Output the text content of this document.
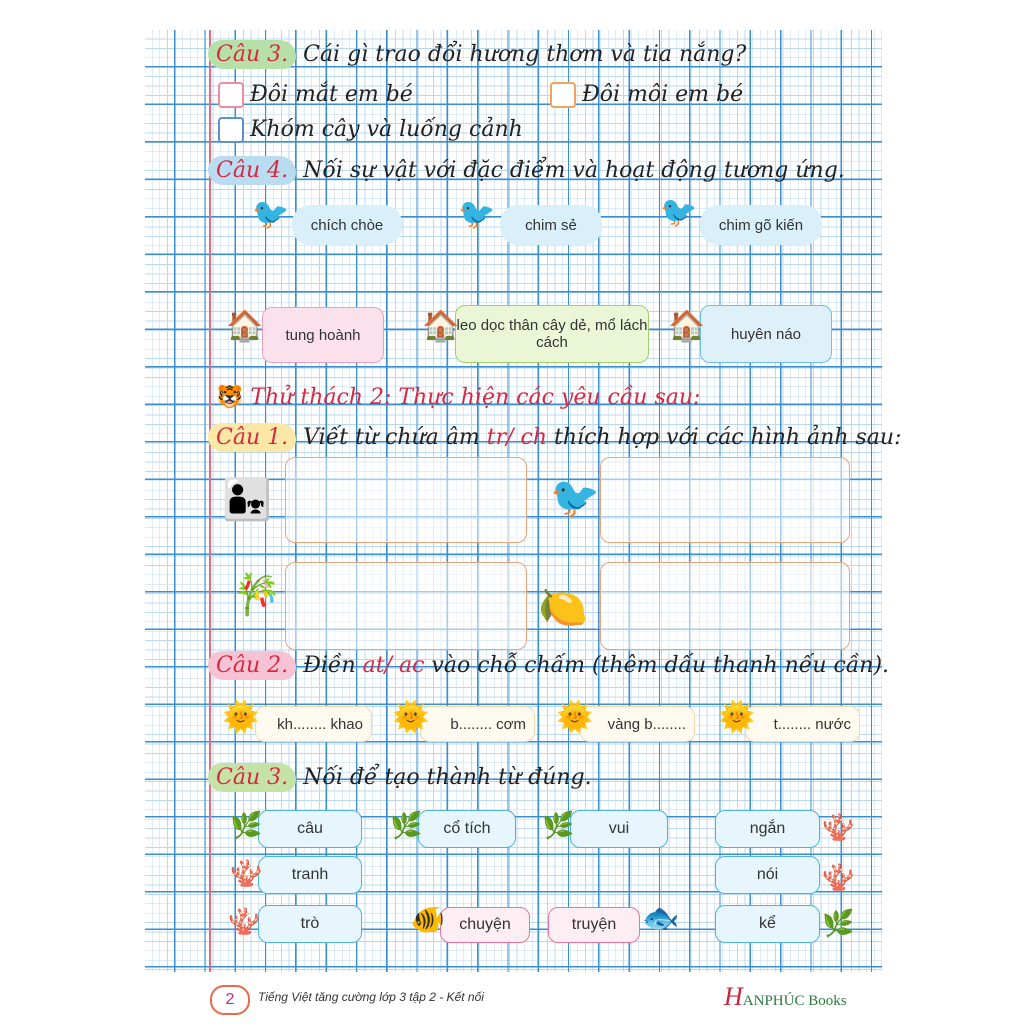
Câu 3. Cái gì trao đổi hương thơm và tia nắng?
Đôi mắt em bé	Đôi môi em bé
Khóm cây và luống cảnh
Câu 4. Nối sự vật với đặc điểm và hoạt động tương ứng.
🐦	chích chòe	🐦	chim sẻ	🐦	chim gõ kiến
🏠	tung hoành	🏠
leo dọc thân cây dẻ, mổ lách cách	🏠	huyên náo
🐯 Thử thách 2: Thực hiện các yêu cầu sau:
Câu 1. Viết từ chứa âm tr/ ch thích hợp với các hình ảnh sau:
👨‍👧	🐦
🎋	🍋
Câu 2. Điền at/ ac vào chỗ chấm (thêm dấu thanh nếu cần).
kh........ khao
🌞	b........ cơm
🌞	vàng b........
🌞	t........ nước
🌞
Câu 3. Nối để tạo thành từ đúng.
câu
tranh
trò
cổ tích	vui
chuyện	truyện
ngắn
nói
kể
🌿
🪸
🪸
🌿	🌿
🐠	🐟
🪸
🪸
🌿
2	Tiếng Việt tăng cường lớp 3 tập 2 - Kết nối	HANPHÚC Books
